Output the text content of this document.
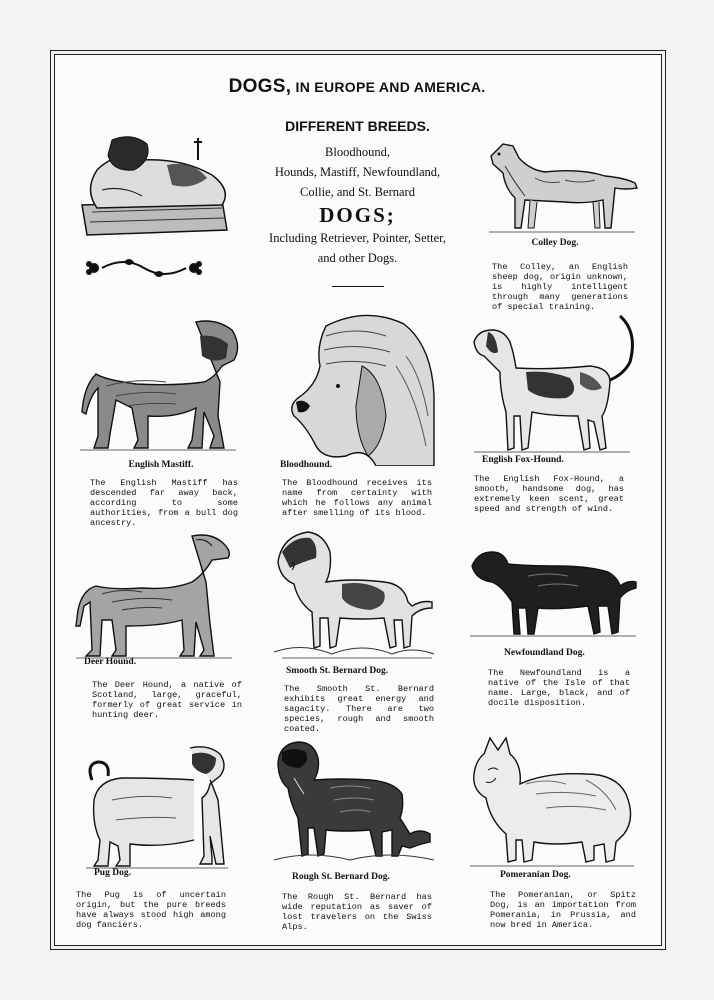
DOGS, IN EUROPE AND AMERICA.
DIFFERENT BREEDS.
Bloodhound,
Hounds, Mastiff, Newfoundland,
Collie, and St. Bernard
DOGS;
Including Retriever, Pointer, Setter,
and other Dogs.
Colley Dog.
The Colley, an English sheep dog, origin unknown, is highly intelligent through many generations of special training.
English Mastiff.
The English Mastiff has descended far away back, according to some authorities, from a bull dog ancestry.
Bloodhound.
The Bloodhound receives its name from certainty with which he follows any animal after smelling of its blood.
English Fox-Hound.
The English Fox-Hound, a smooth, handsome dog, has extremely keen scent, great speed and strength of wind.
Deer Hound.
The Deer Hound, a native of Scotland, large, graceful, formerly of great service in hunting deer.
Smooth St. Bernard Dog.
The Smooth St. Bernard exhibits great energy and sagacity. There are two species, rough and smooth coated.
Newfoundland Dog.
The Newfoundland is a native of the Isle of that name. Large, black, and of docile disposition.
Pug Dog.
The Pug is of uncertain origin, but the pure breeds have always stood high among dog fanciers.
Rough St. Bernard Dog.
The Rough St. Bernard has wide reputation as saver of lost travelers on the Swiss Alps.
Pomeranian Dog.
The Pomeranian, or Spitz Dog, is an importation from Pomerania, in Prussia, and now bred in America.
